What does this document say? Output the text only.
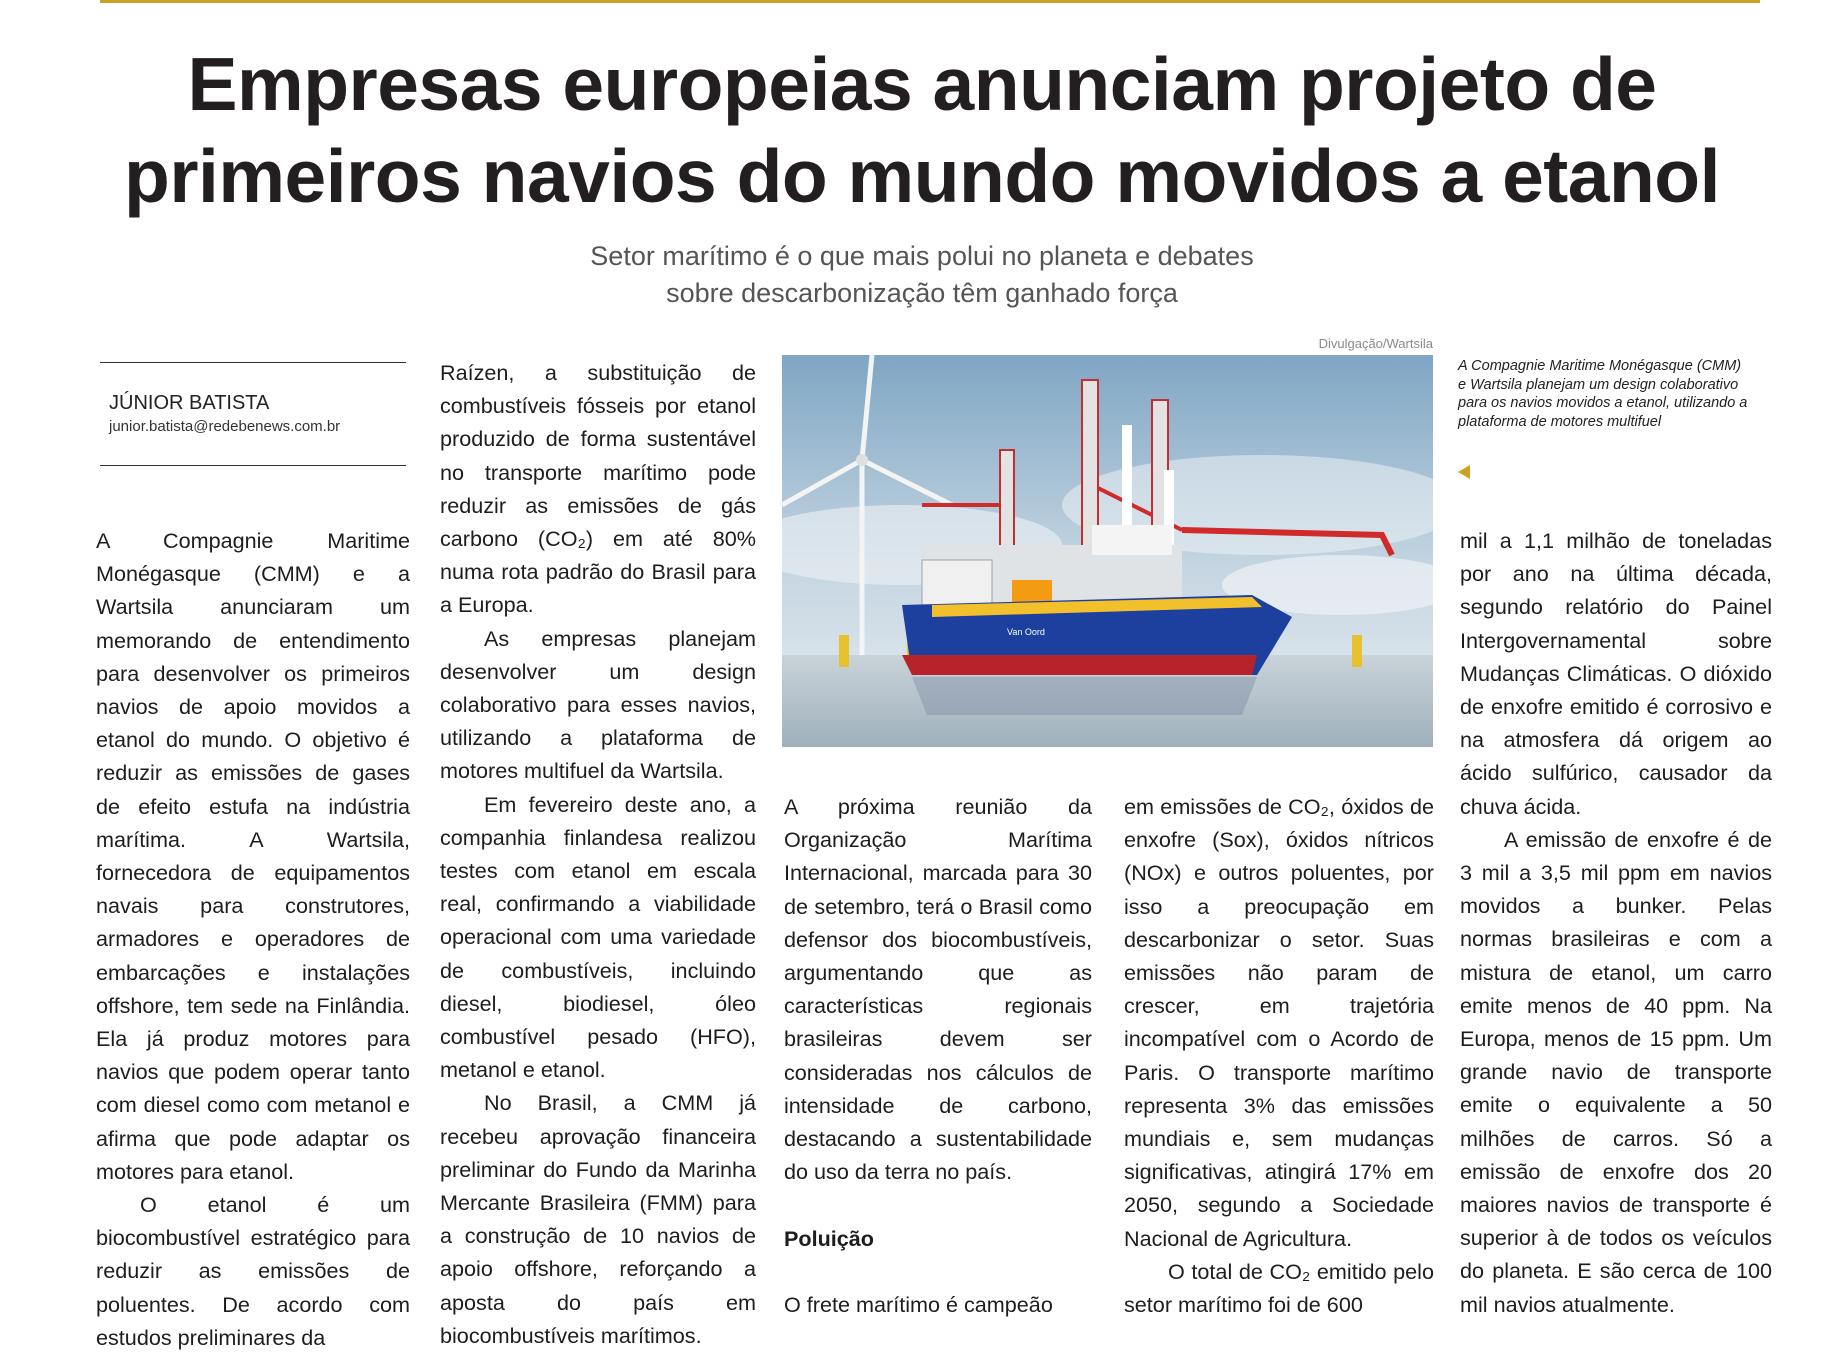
Empresas europeias anunciam projeto de
primeiros navios do mundo movidos a etanol

Setor marítimo é o que mais polui no planeta e debates
sobre descarbonização têm ganhado força

JÚNIOR BATISTA
junior.batista@redebenews.com.br

A Compagnie Maritime Monégasque (CMM) e a Wartsila anunciaram um memorando de entendimento para desenvolver os primeiros navios de apoio movidos a etanol do mundo. O objetivo é reduzir as emissões de gases de efeito estufa na indústria marítima. A Wartsila, fornecedora de equipamentos navais para construtores, armadores e operadores de embarcações e instalações offshore, tem sede na Finlândia. Ela já produz motores para navios que podem operar tanto com diesel como com metanol e afirma que pode adaptar os motores para etanol.

O etanol é um biocombustível estratégico para reduzir as emissões de poluentes. De acordo com estudos preliminares da

Raízen, a substituição de combustíveis fósseis por etanol produzido de forma sustentável no transporte marítimo pode reduzir as emissões de gás carbono (CO₂) em até 80% numa rota padrão do Brasil para a Europa.

As empresas planejam desenvolver um design colaborativo para esses navios, utilizando a plataforma de motores multifuel da Wartsila.

Em fevereiro deste ano, a companhia finlandesa realizou testes com etanol em escala real, confirmando a viabilidade operacional com uma variedade de combustíveis, incluindo diesel, biodiesel, óleo combustível pesado (HFO), metanol e etanol.

No Brasil, a CMM já recebeu aprovação financeira preliminar do Fundo da Marinha Mercante Brasileira (FMM) para a construção de 10 navios de apoio offshore, reforçando a aposta do país em biocombustíveis marítimos.

Divulgação/Wartsila
Van Oord
A Compagnie Maritime Monégasque (CMM) e Wartsila planejam um design colaborativo para os navios movidos a etanol, utilizando a plataforma de motores multifuel

A próxima reunião da Organização Marítima Internacional, marcada para 30 de setembro, terá o Brasil como defensor dos biocombustíveis, argumentando que as características regionais brasileiras devem ser consideradas nos cálculos de intensidade de carbono, destacando a sustentabilidade do uso da terra no país.

Poluição

O frete marítimo é campeão

em emissões de CO₂, óxidos de enxofre (Sox), óxidos nítricos (NOx) e outros poluentes, por isso a preocupação em descarbonizar o setor. Suas emissões não param de crescer, em trajetória incompatível com o Acordo de Paris. O transporte marítimo representa 3% das emissões mundiais e, sem mudanças significativas, atingirá 17% em 2050, segundo a Sociedade Nacional de Agricultura.

O total de CO₂ emitido pelo setor marítimo foi de 600

mil a 1,1 milhão de toneladas por ano na última década, segundo relatório do Painel Intergovernamental sobre Mudanças Climáticas. O dióxido de enxofre emitido é corrosivo e na atmosfera dá origem ao ácido sulfúrico, causador da chuva ácida.

A emissão de enxofre é de 3 mil a 3,5 mil ppm em navios movidos a bunker. Pelas normas brasileiras e com a mistura de etanol, um carro emite menos de 40 ppm. Na Europa, menos de 15 ppm. Um grande navio de transporte emite o equivalente a 50 milhões de carros. Só a emissão de enxofre dos 20 maiores navios de transporte é superior à de todos os veículos do planeta. E são cerca de 100 mil navios atualmente.
